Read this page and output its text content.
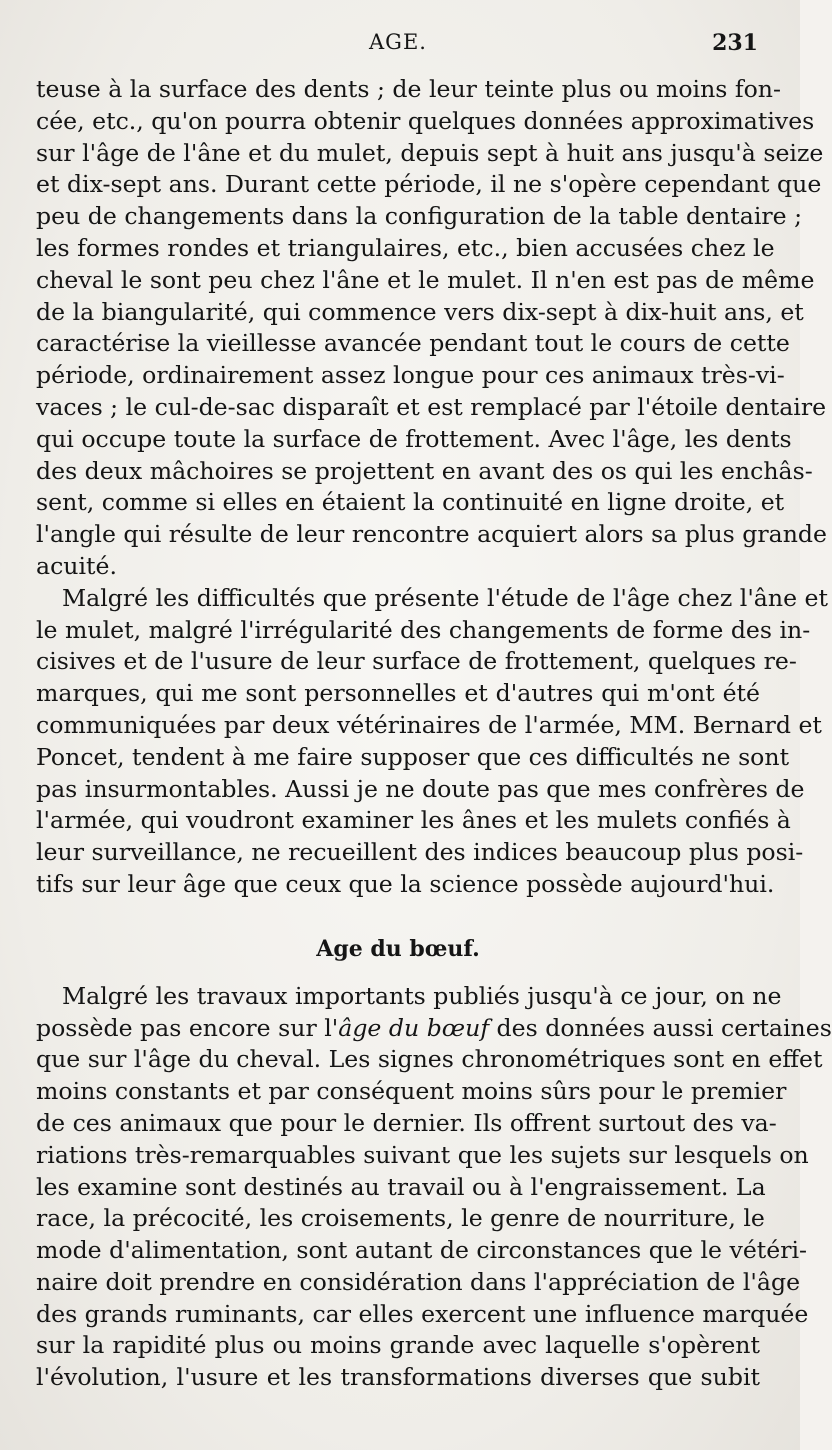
AGE.	231
teuse à la surface des dents ; de leur teinte plus ou moins fon-
cée, etc., qu'on pourra obtenir quelques données approximatives
sur l'âge de l'âne et du mulet, depuis sept à huit ans jusqu'à seize
et dix-sept ans. Durant cette période, il ne s'opère cependant que
peu de changements dans la configuration de la table dentaire ;
les formes rondes et triangulaires, etc., bien accusées chez le
cheval le sont peu chez l'âne et le mulet. Il n'en est pas de même
de la biangularité, qui commence vers dix-sept à dix-huit ans, et
caractérise la vieillesse avancée pendant tout le cours de cette
période, ordinairement assez longue pour ces animaux très-vi-
vaces ; le cul-de-sac disparaît et est remplacé par l'étoile dentaire
qui occupe toute la surface de frottement. Avec l'âge, les dents
des deux mâchoires se projettent en avant des os qui les enchâs-
sent, comme si elles en étaient la continuité en ligne droite, et
l'angle qui résulte de leur rencontre acquiert alors sa plus grande
acuité.
Malgré les difficultés que présente l'étude de l'âge chez l'âne et
le mulet, malgré l'irrégularité des changements de forme des in-
cisives et de l'usure de leur surface de frottement, quelques re-
marques, qui me sont personnelles et d'autres qui m'ont été
communiquées par deux vétérinaires de l'armée, MM. Bernard et
Poncet, tendent à me faire supposer que ces difficultés ne sont
pas insurmontables. Aussi je ne doute pas que mes confrères de
l'armée, qui voudront examiner les ânes et les mulets confiés à
leur surveillance, ne recueillent des indices beaucoup plus posi-
tifs sur leur âge que ceux que la science possède aujourd'hui.
Age du bœuf.
Malgré les travaux importants publiés jusqu'à ce jour, on ne
possède pas encore sur l'âge du bœuf des données aussi certaines
que sur l'âge du cheval. Les signes chronométriques sont en effet
moins constants et par conséquent moins sûrs pour le premier
de ces animaux que pour le dernier. Ils offrent surtout des va-
riations très-remarquables suivant que les sujets sur lesquels on
les examine sont destinés au travail ou à l'engraissement. La
race, la précocité, les croisements, le genre de nourriture, le
mode d'alimentation, sont autant de circonstances que le vétéri-
naire doit prendre en considération dans l'appréciation de l'âge
des grands ruminants, car elles exercent une influence marquée
sur la rapidité plus ou moins grande avec laquelle s'opèrent
l'évolution, l'usure et les transformations diverses que subit
